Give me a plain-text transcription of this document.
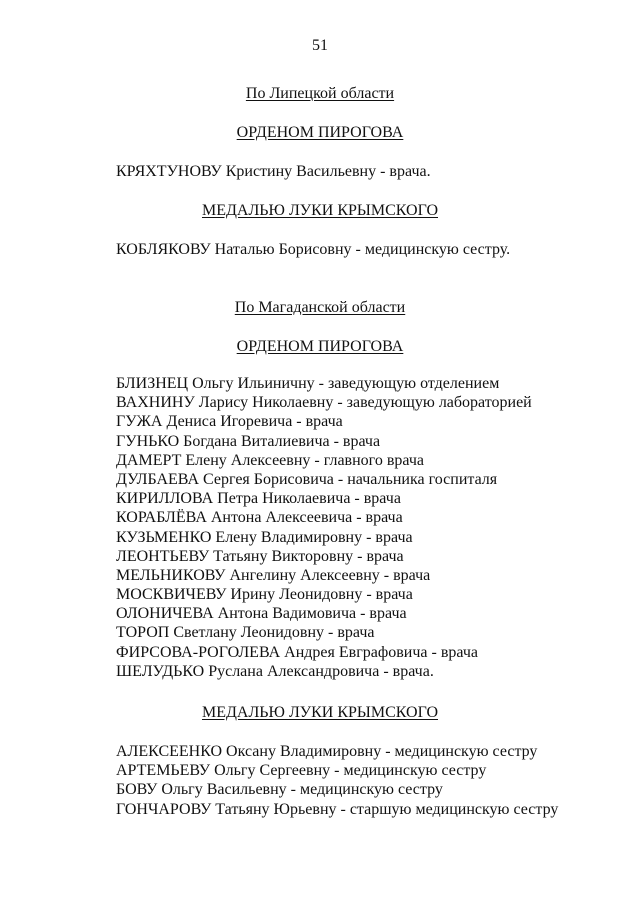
51
По Липецкой области
ОРДЕНОМ ПИРОГОВА
КРЯХТУНОВУ Кристину Васильевну - врача.
МЕДАЛЬЮ ЛУКИ КРЫМСКОГО
КОБЛЯКОВУ Наталью Борисовну - медицинскую сестру.
По Магаданской области
ОРДЕНОМ ПИРОГОВА
БЛИЗНЕЦ Ольгу Ильиничну - заведующую отделением
ВАХНИНУ Ларису Николаевну - заведующую лабораторией
ГУЖА Дениса Игоревича - врача
ГУНЬКО Богдана Виталиевича - врача
ДАМЕРТ Елену Алексеевну - главного врача
ДУЛБАЕВА Сергея Борисовича - начальника госпиталя
КИРИЛЛОВА Петра Николаевича - врача
КОРАБЛЁВА Антона Алексеевича - врача
КУЗЬМЕНКО Елену Владимировну - врача
ЛЕОНТЬЕВУ Татьяну Викторовну - врача
МЕЛЬНИКОВУ Ангелину Алексеевну - врача
МОСКВИЧЕВУ Ирину Леонидовну - врача
ОЛОНИЧЕВА Антона Вадимовича - врача
ТОРОП Светлану Леонидовну - врача
ФИРСОВА-РОГОЛЕВА Андрея Евграфовича - врача
ШЕЛУДЬКО Руслана Александровича - врача.
МЕДАЛЬЮ ЛУКИ КРЫМСКОГО
АЛЕКСЕЕНКО Оксану Владимировну - медицинскую сестру
АРТЕМЬЕВУ Ольгу Сергеевну - медицинскую сестру
БОВУ Ольгу Васильевну - медицинскую сестру
ГОНЧАРОВУ Татьяну Юрьевну - старшую медицинскую сестру
